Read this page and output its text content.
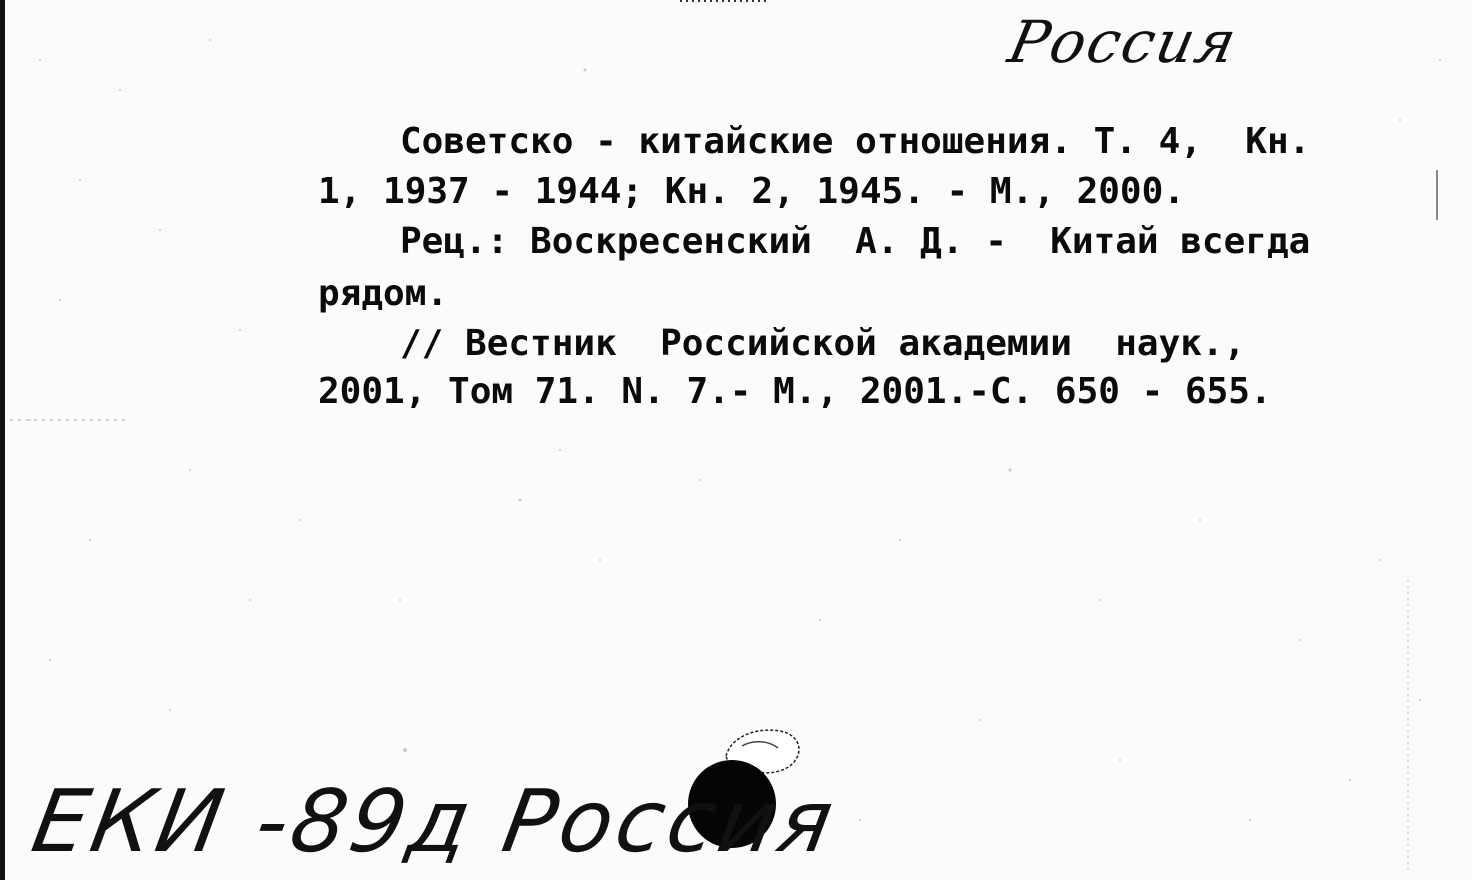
Россия
Советско - китайские отношения. Т. 4,  Кн.
1, 1937 - 1944; Кн. 2, 1945. - М., 2000.
Рец.: Воскресенский  А. Д. -  Китай всегда
рядом.
// Вестник  Российской академии  наук.,
2001, Том 71. N. 7.- М., 2001.-С. 650 - 655.
ЕКИ -89д Россия
